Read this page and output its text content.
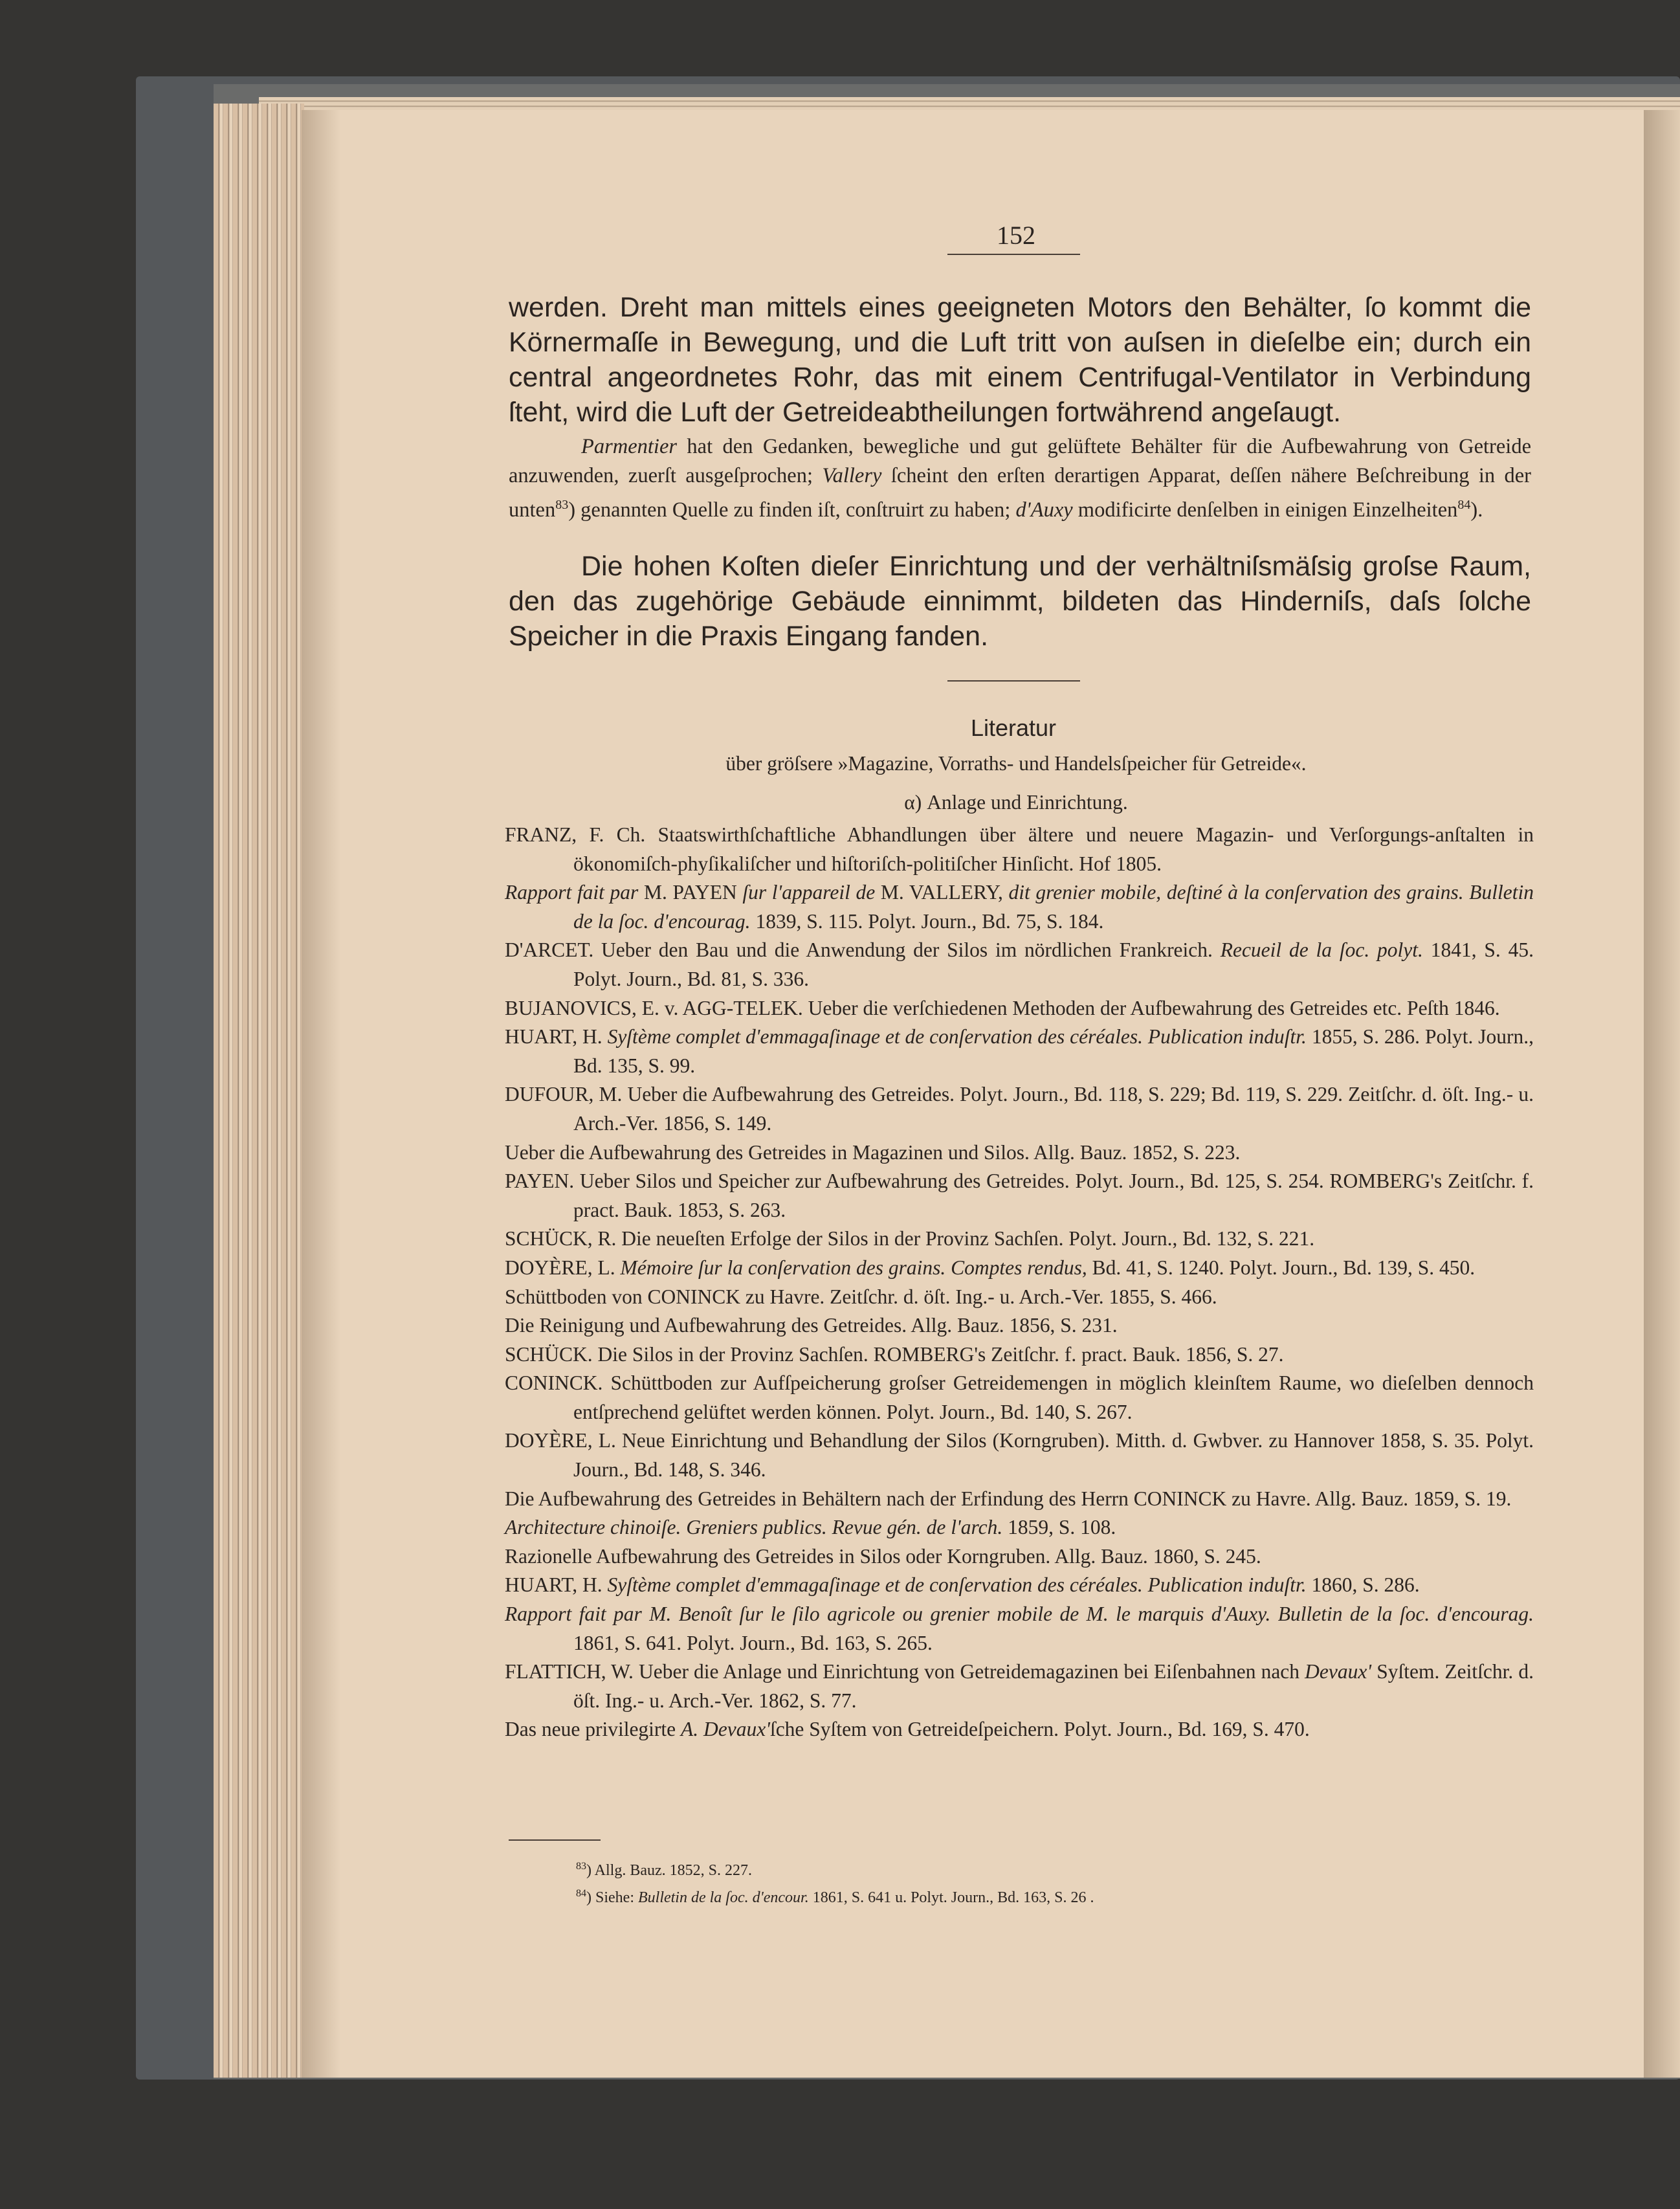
152

werden. Dreht man mittels eines geeigneten Motors den Behälter, ſo kommt die Körnermaſſe in Bewegung, und die Luft tritt von auſsen in dieſelbe ein; durch ein central angeordnetes Rohr, das mit einem Centrifugal-Ventilator in Verbindung ſteht, wird die Luft der Getreideabtheilungen fortwährend angeſaugt.

Parmentier hat den Gedanken, bewegliche und gut gelüftete Behälter für die Aufbewahrung von Getreide anzuwenden, zuerſt ausgeſprochen; Vallery ſcheint den erſten derartigen Apparat, deſſen nähere Beſchreibung in der unten$^{83}$) genannten Quelle zu finden iſt, conſtruirt zu haben; d'Auxy modificirte denſelben in einigen Einzelheiten$^{84}$).

Die hohen Koſten dieſer Einrichtung und der verhältniſsmäſsig groſse Raum, den das zugehörige Gebäude einnimmt, bildeten das Hinderniſs, daſs ſolche Speicher in die Praxis Eingang fanden.

Literatur
über gröſsere »Magazine, Vorraths- und Handelsſpeicher für Getreide«.
α) Anlage und Einrichtung.

FRANZ, F. Ch. Staatswirthſchaftliche Abhandlungen über ältere und neuere Magazin- und Verſorgungs-anſtalten in ökonomiſch-phyſikaliſcher und hiſtoriſch-politiſcher Hinſicht. Hof 1805.

Rapport fait par M. PAYEN ſur l'appareil de M. VALLERY, dit grenier mobile, deſtiné à la conſervation des grains. Bulletin de la ſoc. d'encourag. 1839, S. 115. Polyt. Journ., Bd. 75, S. 184.

D'ARCET. Ueber den Bau und die Anwendung der Silos im nördlichen Frankreich. Recueil de la ſoc. polyt. 1841, S. 45. Polyt. Journ., Bd. 81, S. 336.

BUJANOVICS, E. v. AGG-TELEK. Ueber die verſchiedenen Methoden der Aufbewahrung des Getreides etc. Peſth 1846.

HUART, H. Syſtème complet d'emmagaſinage et de conſervation des céréales. Publication induſtr. 1855, S. 286. Polyt. Journ., Bd. 135, S. 99.

DUFOUR, M. Ueber die Aufbewahrung des Getreides. Polyt. Journ., Bd. 118, S. 229; Bd. 119, S. 229. Zeitſchr. d. öſt. Ing.- u. Arch.-Ver. 1856, S. 149.

Ueber die Aufbewahrung des Getreides in Magazinen und Silos. Allg. Bauz. 1852, S. 223.

PAYEN. Ueber Silos und Speicher zur Aufbewahrung des Getreides. Polyt. Journ., Bd. 125, S. 254. ROMBERG's Zeitſchr. f. pract. Bauk. 1853, S. 263.

SCHÜCK, R. Die neueſten Erfolge der Silos in der Provinz Sachſen. Polyt. Journ., Bd. 132, S. 221.

DOYÈRE, L. Mémoire ſur la conſervation des grains. Comptes rendus, Bd. 41, S. 1240. Polyt. Journ., Bd. 139, S. 450.

Schüttboden von CONINCK zu Havre. Zeitſchr. d. öſt. Ing.- u. Arch.-Ver. 1855, S. 466.

Die Reinigung und Aufbewahrung des Getreides. Allg. Bauz. 1856, S. 231.

SCHÜCK. Die Silos in der Provinz Sachſen. ROMBERG's Zeitſchr. f. pract. Bauk. 1856, S. 27.

CONINCK. Schüttboden zur Aufſpeicherung groſser Getreidemengen in möglich kleinſtem Raume, wo dieſelben dennoch entſprechend gelüftet werden können. Polyt. Journ., Bd. 140, S. 267.

DOYÈRE, L. Neue Einrichtung und Behandlung der Silos (Korngruben). Mitth. d. Gwbver. zu Hannover 1858, S. 35. Polyt. Journ., Bd. 148, S. 346.

Die Aufbewahrung des Getreides in Behältern nach der Erfindung des Herrn CONINCK zu Havre. Allg. Bauz. 1859, S. 19.

Architecture chinoiſe. Greniers publics. Revue gén. de l'arch. 1859, S. 108.

Razionelle Aufbewahrung des Getreides in Silos oder Korngruben. Allg. Bauz. 1860, S. 245.

HUART, H. Syſtème complet d'emmagaſinage et de conſervation des céréales. Publication induſtr. 1860, S. 286.

Rapport fait par M. Benoît ſur le ſilo agricole ou grenier mobile de M. le marquis d'Auxy. Bulletin de la ſoc. d'encourag. 1861, S. 641. Polyt. Journ., Bd. 163, S. 265.

FLATTICH, W. Ueber die Anlage und Einrichtung von Getreidemagazinen bei Eiſenbahnen nach Devaux' Syſtem. Zeitſchr. d. öſt. Ing.- u. Arch.-Ver. 1862, S. 77.

Das neue privilegirte A. Devaux'ſche Syſtem von Getreideſpeichern. Polyt. Journ., Bd. 169, S. 470.

$^{83}$) Allg. Bauz. 1852, S. 227.
$^{84}$) Siehe: Bulletin de la ſoc. d'encour. 1861, S. 641 u. Polyt. Journ., Bd. 163, S. 26 .
